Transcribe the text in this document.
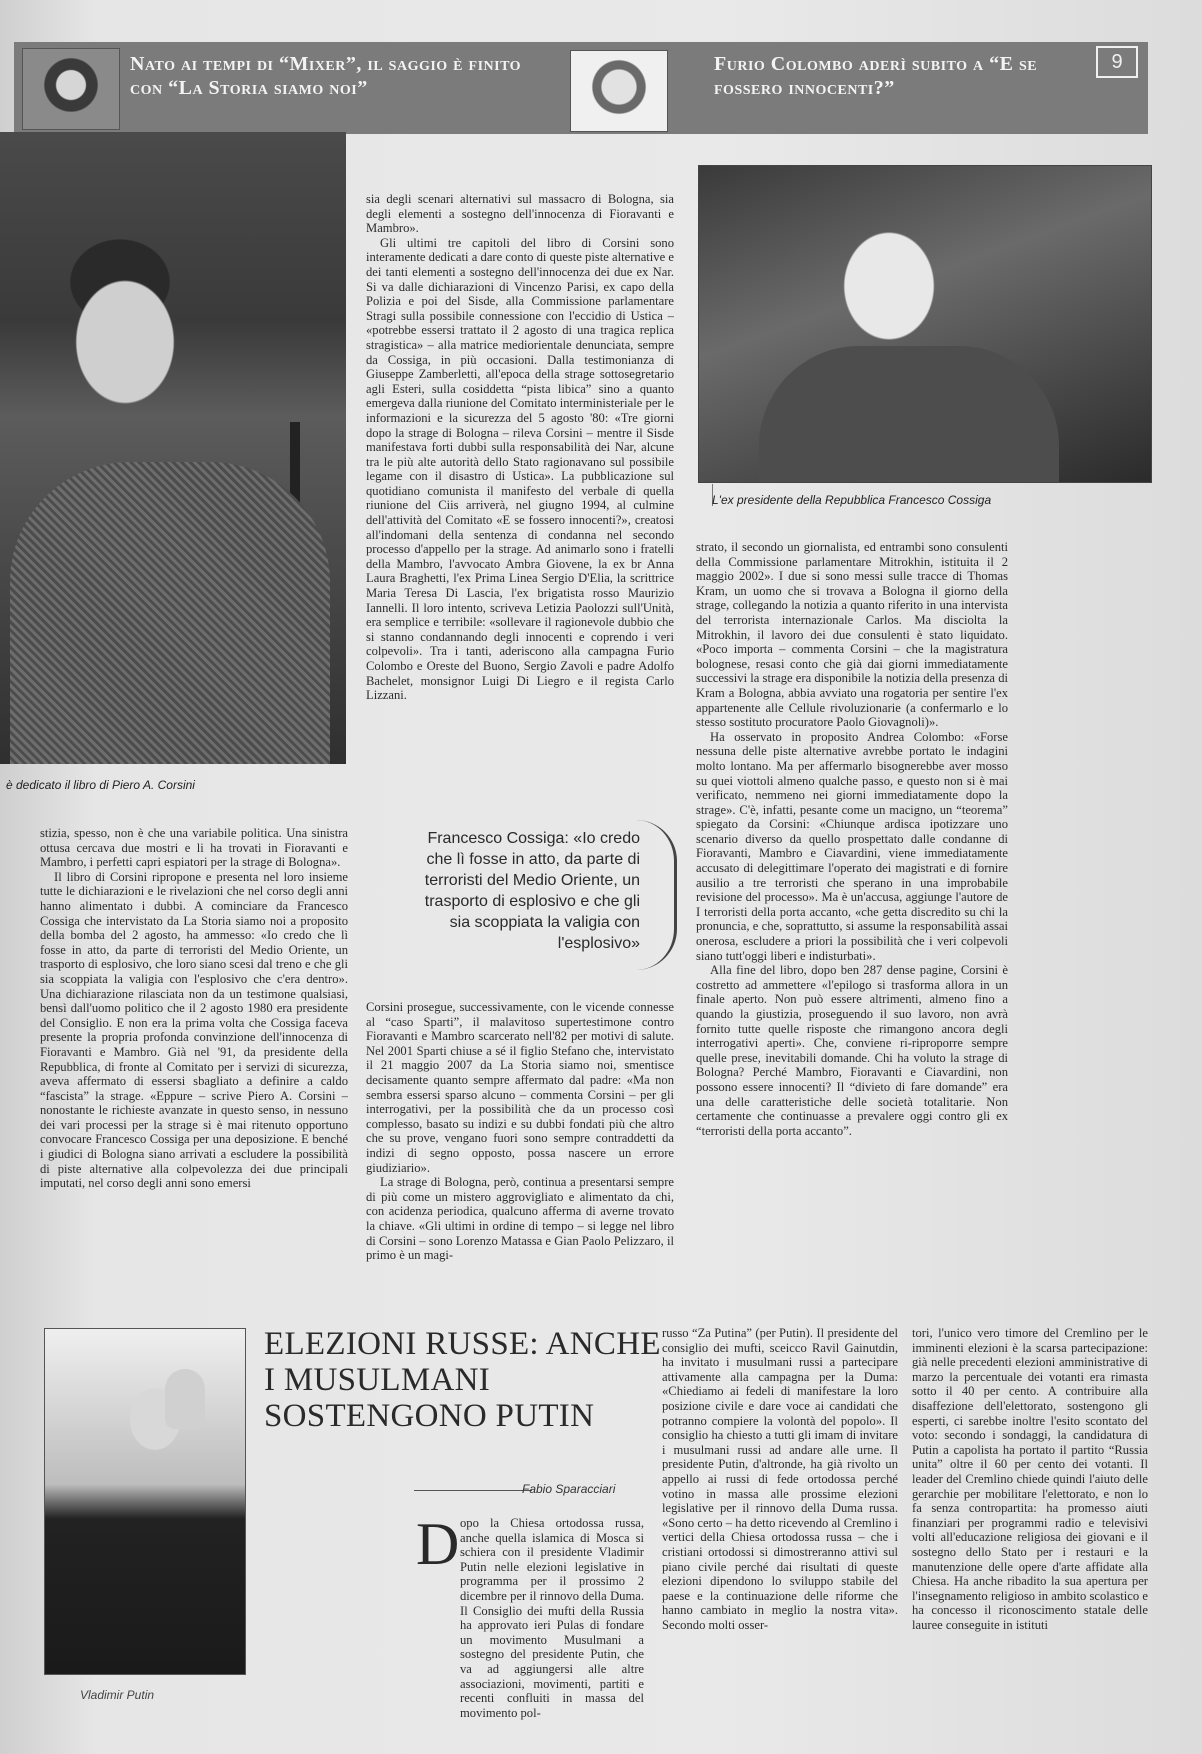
Nato ai tempi di “Mixer”, il saggio è finito con “La Storia siamo noi”
Furio Colombo aderì subito a “E se fossero innocenti?”
9
è dedicato il libro di Piero A. Corsini

sia degli scenari alternativi sul massacro di Bologna, sia degli elementi a sostegno dell'innocenza di Fioravanti e Mambro».

Gli ultimi tre capitoli del libro di Corsini sono interamente dedicati a dare conto di queste piste alternative e dei tanti elementi a sostegno dell'innocenza dei due ex Nar. Si va dalle dichiarazioni di Vincenzo Parisi, ex capo della Polizia e poi del Sisde, alla Commissione parlamentare Stragi sulla possibile connessione con l'eccidio di Ustica – «potrebbe essersi trattato il 2 agosto di una tragica replica stragistica» – alla matrice mediorientale denunciata, sempre da Cossiga, in più occasioni. Dalla testimonianza di Giuseppe Zamberletti, all'epoca della strage sottosegretario agli Esteri, sulla cosiddetta “pista libica” sino a quanto emergeva dalla riunione del Comitato interministeriale per le informazioni e la sicurezza del 5 agosto '80: «Tre giorni dopo la strage di Bologna – rileva Corsini – mentre il Sisde manifestava forti dubbi sulla responsabilità dei Nar, alcune tra le più alte autorità dello Stato ragionavano sul possibile legame con il disastro di Ustica». La pubblicazione sul quotidiano comunista il manifesto del verbale di quella riunione del Ciis arriverà, nel giugno 1994, al culmine dell'attività del Comitato «E se fossero innocenti?», creatosi all'indomani della sentenza di condanna nel secondo processo d'appello per la strage. Ad animarlo sono i fratelli della Mambro, l'avvocato Ambra Giovene, la ex br Anna Laura Braghetti, l'ex Prima Linea Sergio D'Elia, la scrittrice Maria Teresa Di Lascia, l'ex brigatista rosso Maurizio Iannelli. Il loro intento, scriveva Letizia Paolozzi sull'Unità, era semplice e terribile: «sollevare il ragionevole dubbio che si stanno condannando degli innocenti e coprendo i veri colpevoli». Tra i tanti, aderiscono alla campagna Furio Colombo e Oreste del Buono, Sergio Zavoli e padre Adolfo Bachelet, monsignor Luigi Di Liegro e il regista Carlo Lizzani.

L'ex presidente della Repubblica Francesco Cossiga

strato, il secondo un giornalista, ed entrambi sono consulenti della Commissione parlamentare Mitrokhin, istituita il 2 maggio 2002». I due si sono messi sulle tracce di Thomas Kram, un uomo che si trovava a Bologna il giorno della strage, collegando la notizia a quanto riferito in una intervista del terrorista internazionale Carlos. Ma disciolta la Mitrokhin, il lavoro dei due consulenti è stato liquidato. «Poco importa – commenta Corsini – che la magistratura bolognese, resasi conto che già dai giorni immediatamente successivi la strage era disponibile la notizia della presenza di Kram a Bologna, abbia avviato una rogatoria per sentire l'ex appartenente alle Cellule rivoluzionarie (a confermarlo e lo stesso sostituto procuratore Paolo Giovagnoli)».

Ha osservato in proposito Andrea Colombo: «Forse nessuna delle piste alternative avrebbe portato le indagini molto lontano. Ma per affermarlo bisognerebbe aver mosso su quei viottoli almeno qualche passo, e questo non si è mai verificato, nemmeno nei giorni immediatamente dopo la strage». C'è, infatti, pesante come un macigno, un “teorema” spiegato da Corsini: «Chiunque ardisca ipotizzare uno scenario diverso da quello prospettato dalle condanne di Fioravanti, Mambro e Ciavardini, viene immediatamente accusato di delegittimare l'operato dei magistrati e di fornire ausilio a tre terroristi che sperano in una improbabile revisione del processo». Ma è un'accusa, aggiunge l'autore de I terroristi della porta accanto, «che getta discredito su chi la pronuncia, e che, soprattutto, si assume la responsabilità assai onerosa, escludere a priori la possibilità che i veri colpevoli siano tutt'oggi liberi e indisturbati».

Alla fine del libro, dopo ben 287 dense pagine, Corsini è costretto ad ammettere «l'epilogo si trasforma allora in un finale aperto. Non può essere altrimenti, almeno fino a quando la giustizia, proseguendo il suo lavoro, non avrà fornito tutte quelle risposte che rimangono ancora degli interrogativi aperti». Che, conviene ri-riproporre sempre quelle prese, inevitabili domande. Chi ha voluto la strage di Bologna? Perché Mambro, Fioravanti e Ciavardini, non possono essere innocenti? Il “divieto di fare domande” era una delle caratteristiche delle società totalitarie. Non certamente che continuasse a prevalere oggi contro gli ex “terroristi della porta accanto”.

stizia, spesso, non è che una variabile politica. Una sinistra ottusa cercava due mostri e li ha trovati in Fioravanti e Mambro, i perfetti capri espiatori per la strage di Bologna».

Il libro di Corsini ripropone e presenta nel loro insieme tutte le dichiarazioni e le rivelazioni che nel corso degli anni hanno alimentato i dubbi. A cominciare da Francesco Cossiga che intervistato da La Storia siamo noi a proposito della bomba del 2 agosto, ha ammesso: «Io credo che lì fosse in atto, da parte di terroristi del Medio Oriente, un trasporto di esplosivo, che loro siano scesi dal treno e che gli sia scoppiata la valigia con l'esplosivo che c'era dentro». Una dichiarazione rilasciata non da un testimone qualsiasi, bensì dall'uomo politico che il 2 agosto 1980 era presidente del Consiglio. E non era la prima volta che Cossiga faceva presente la propria profonda convinzione dell'innocenza di Fioravanti e Mambro. Già nel '91, da presidente della Repubblica, di fronte al Comitato per i servizi di sicurezza, aveva affermato di essersi sbagliato a definire a caldo “fascista” la strage. «Eppure – scrive Piero A. Corsini – nonostante le richieste avanzate in questo senso, in nessuno dei vari processi per la strage si è mai ritenuto opportuno convocare Francesco Cossiga per una deposizione. E benché i giudici di Bologna siano arrivati a escludere la possibilità di piste alternative alla colpevolezza dei due principali imputati, nel corso degli anni sono emersi

Francesco Cossiga: «Io credo che lì fosse in atto, da parte di terroristi del Medio Oriente, un trasporto di esplosivo e che gli sia scoppiata la valigia con l'esplosivo»

Corsini prosegue, successivamente, con le vicende connesse al “caso Sparti”, il malavitoso supertestimone contro Fioravanti e Mambro scarcerato nell'82 per motivi di salute. Nel 2001 Sparti chiuse a sé il figlio Stefano che, intervistato il 21 maggio 2007 da La Storia siamo noi, smentisce decisamente quanto sempre affermato dal padre: «Ma non sembra essersi sparso alcuno – commenta Corsini – per gli interrogativi, per la possibilità che da un processo così complesso, basato su indizi e su dubbi fondati più che altro che su prove, vengano fuori sono sempre contraddetti da indizi di segno opposto, possa nascere un errore giudiziario».

La strage di Bologna, però, continua a presentarsi sempre di più come un mistero aggrovigliato e alimentato da chi, con acidenza periodica, qualcuno afferma di averne trovato la chiave. «Gli ultimi in ordine di tempo – si legge nel libro di Corsini – sono Lorenzo Matassa e Gian Paolo Pelizzaro, il primo è un magi-

Vladimir Putin
ELEZIONI RUSSE: ANCHE I MUSULMANI SOSTENGONO PUTIN
Fabio Sparacciari
D opo la Chiesa ortodossa russa, anche quella islamica di Mosca si schiera con il presidente Vladimir Putin nelle elezioni legislative in programma per il prossimo 2 dicembre per il rinnovo della Duma. Il Consiglio dei mufti della Russia ha approvato ieri Pulas di fondare un movimento Musulmani a sostegno del presidente Putin, che va ad aggiungersi alle altre associazioni, movimenti, partiti e recenti confluiti in massa del movimento pol-

russo “Za Putina” (per Putin). Il presidente del consiglio dei mufti, sceicco Ravil Gainutdin, ha invitato i musulmani russi a partecipare attivamente alla campagna per la Duma: «Chiediamo ai fedeli di manifestare la loro posizione civile e dare voce ai candidati che potranno compiere la volontà del popolo». Il consiglio ha chiesto a tutti gli imam di invitare i musulmani russi ad andare alle urne. Il presidente Putin, d'altronde, ha già rivolto un appello ai russi di fede ortodossa perché votino in massa alle prossime elezioni legislative per il rinnovo della Duma russa. «Sono certo – ha detto ricevendo al Cremlino i vertici della Chiesa ortodossa russa – che i cristiani ortodossi si dimostreranno attivi sul piano civile perché dai risultati di queste elezioni dipendono lo sviluppo stabile del paese e la continuazione delle riforme che hanno cambiato in meglio la nostra vita». Secondo molti osser-

tori, l'unico vero timore del Cremlino per le imminenti elezioni è la scarsa partecipazione: già nelle precedenti elezioni amministrative di marzo la percentuale dei votanti era rimasta sotto il 40 per cento. A contribuire alla disaffezione dell'elettorato, sostengono gli esperti, ci sarebbe inoltre l'esito scontato del voto: secondo i sondaggi, la candidatura di Putin a capolista ha portato il partito “Russia unita” oltre il 60 per cento dei votanti. Il leader del Cremlino chiede quindi l'aiuto delle gerarchie per mobilitare l'elettorato, e non lo fa senza contropartita: ha promesso aiuti finanziari per programmi radio e televisivi volti all'educazione religiosa dei giovani e il sostegno dello Stato per i restauri e la manutenzione delle opere d'arte affidate alla Chiesa. Ha anche ribadito la sua apertura per l'insegnamento religioso in ambito scolastico e ha concesso il riconoscimento statale delle lauree conseguite in istituti
